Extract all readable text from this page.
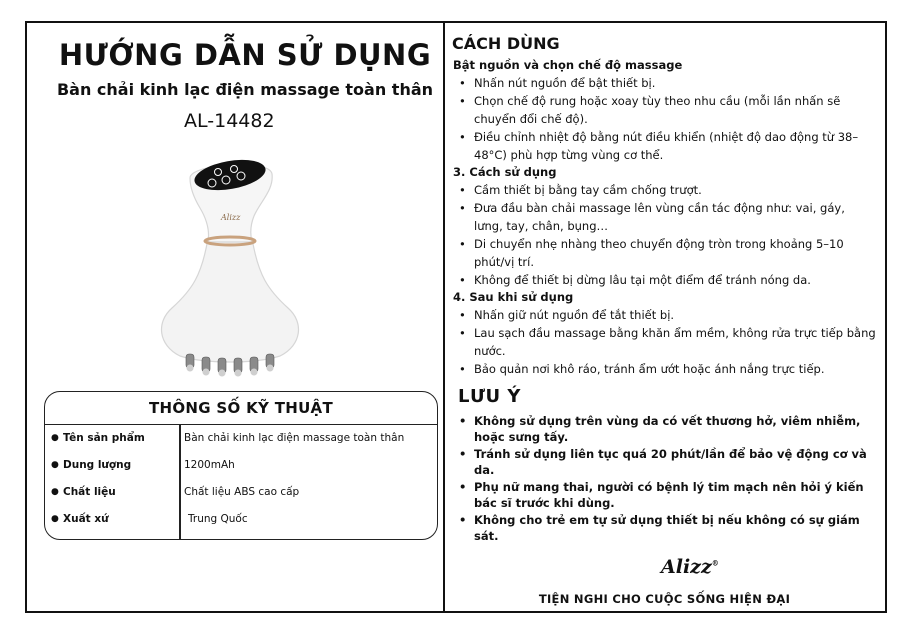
HƯỚNG DẪN SỬ DỤNG
Bàn chải kinh lạc điện massage toàn thân
AL-14482
Alizz
THÔNG SỐ KỸ THUẬT
● Tên sản phẩm	Bàn chải kinh lạc điện massage toàn thân
● Dung lượng	1200mAh
● Chất liệu	Chất liệu ABS cao cấp
● Xuất xứ	Trung Quốc
CÁCH DÙNG
Bật nguồn và chọn chế độ massage
• Nhấn nút nguồn để bật thiết bị.
• Chọn chế độ rung hoặc xoay tùy theo nhu cầu (mỗi lần nhấn sẽ chuyển đổi chế độ).
• Điều chỉnh nhiệt độ bằng nút điều khiển (nhiệt độ dao động từ 38–48°C) phù hợp từng vùng cơ thể.
3. Cách sử dụng
• Cầm thiết bị bằng tay cầm chống trượt.
• Đưa đầu bàn chải massage lên vùng cần tác động như: vai, gáy, lưng, tay, chân, bụng…
• Di chuyển nhẹ nhàng theo chuyển động tròn trong khoảng 5–10 phút/vị trí.
• Không để thiết bị dừng lâu tại một điểm để tránh nóng da.
4. Sau khi sử dụng
• Nhấn giữ nút nguồn để tắt thiết bị.
• Lau sạch đầu massage bằng khăn ẩm mềm, không rửa trực tiếp bằng nước.
• Bảo quản nơi khô ráo, tránh ẩm ướt hoặc ánh nắng trực tiếp.
LƯU Ý
• Không sử dụng trên vùng da có vết thương hở, viêm nhiễm, hoặc sưng tấy.
• Tránh sử dụng liên tục quá 20 phút/lần để bảo vệ động cơ và da.
• Phụ nữ mang thai, người có bệnh lý tim mạch nên hỏi ý kiến bác sĩ trước khi dùng.
• Không cho trẻ em tự sử dụng thiết bị nếu không có sự giám sát.
Alizz®
TIỆN NGHI CHO CUỘC SỐNG HIỆN ĐẠI
